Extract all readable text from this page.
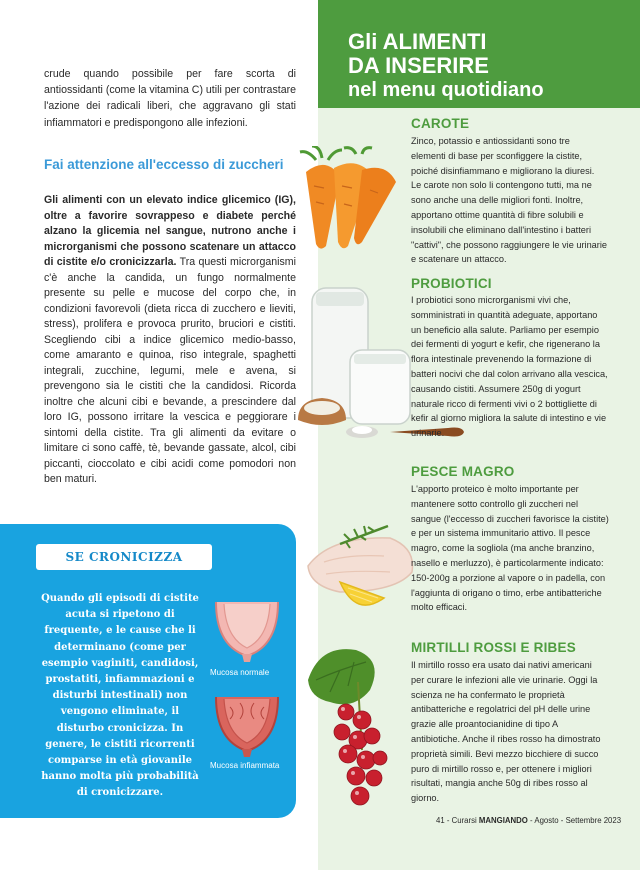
crude quando possibile per fare scorta di antiossidanti (come la vitamina C) utili per contrastare l'azione dei radicali liberi, che aggravano gli stati infiammatori e predispongono alle infezioni.

Fai attenzione all'eccesso di zuccheri

Gli alimenti con un elevato indice glicemico (IG), oltre a favorire sovrappeso e diabete perché alzano la glicemia nel sangue, nutrono anche i microrganismi che possono scatenare un attacco di cistite e/o cronicizzarla. Tra questi microrganismi c'è anche la candida, un fungo normalmente presente su pelle e mucose del corpo che, in condizioni favorevoli (dieta ricca di zucchero e lieviti, stress), prolifera e provoca prurito, bruciori e cistiti. Scegliendo cibi a indice glicemico medio-basso, come amaranto e quinoa, riso integrale, spaghetti integrali, zucchine, legumi, mele e avena, si prevengono sia le cistiti che la candidosi. Ricorda inoltre che alcuni cibi e bevande, a prescindere dal loro IG, possono irritare la vescica e peggiorare i sintomi della cistite. Tra gli alimenti da evitare o limitare ci sono caffè, tè, bevande gassate, alcol, cibi piccanti, cioccolato e cibi acidi come pomodori non ben maturi.

SE CRONICIZZA

Quando gli episodi di cistite acuta si ripetono di frequente, e le cause che li determinano (come per esempio vaginiti, candidosi, prostatiti, infiammazioni e disturbi intestinali) non vengono eliminate, il disturbo cronicizza. In genere, le cistiti ricorrenti comparse in età giovanile hanno molta più probabilità di cronicizzare.

Mucosa normale
Mucosa infiammata
Gli ALIMENTI
DA INSERIRE
nel menu quotidiano
CAROTE

Zinco, potassio e antiossidanti sono tre elementi di base per sconfiggere la cistite, poiché disinfiammano e migliorano la diuresi. Le carote non solo li contengono tutti, ma ne sono anche una delle migliori fonti. Inoltre, apportano ottime quantità di fibre solubili e insolubili che eliminano dall'intestino i batteri "cattivi", che possono raggiungere le vie urinarie e scatenare un attacco.

PROBIOTICI

I probiotici sono microrganismi vivi che, somministrati in quantità adeguate, apportano un beneficio alla salute. Parliamo per esempio dei fermenti di yogurt e kefir, che rigenerano la flora intestinale prevenendo la formazione di batteri nocivi che dal colon arrivano alla vescica, causando cistiti. Assumere 250g di yogurt naturale ricco di fermenti vivi o 2 bottigliette di kefir al giorno migliora la salute di intestino e vie urinarie.

PESCE MAGRO

L'apporto proteico è molto importante per mantenere sotto controllo gli zuccheri nel sangue (l'eccesso di zuccheri favorisce la cistite) e per un sistema immunitario attivo. Il pesce magro, come la sogliola (ma anche branzino, nasello e merluzzo), è particolarmente indicato: 150-200g a porzione al vapore o in padella, con l'aggiunta di origano o timo, erbe antibatteriche molto efficaci.

MIRTILLI ROSSI E RIBES

Il mirtillo rosso era usato dai nativi americani per curare le infezioni alle vie urinarie. Oggi la scienza ne ha confermato le proprietà antibatteriche e regolatrici del pH delle urine grazie alle proantocianidine di tipo A antibiotiche. Anche il ribes rosso ha dimostrato proprietà simili. Bevi mezzo bicchiere di succo puro di mirtillo rosso e, per ottenere i migliori risultati, mangia anche 50g di ribes rosso al giorno.

41 - Curarsi MANGIANDO - Agosto - Settembre 2023
